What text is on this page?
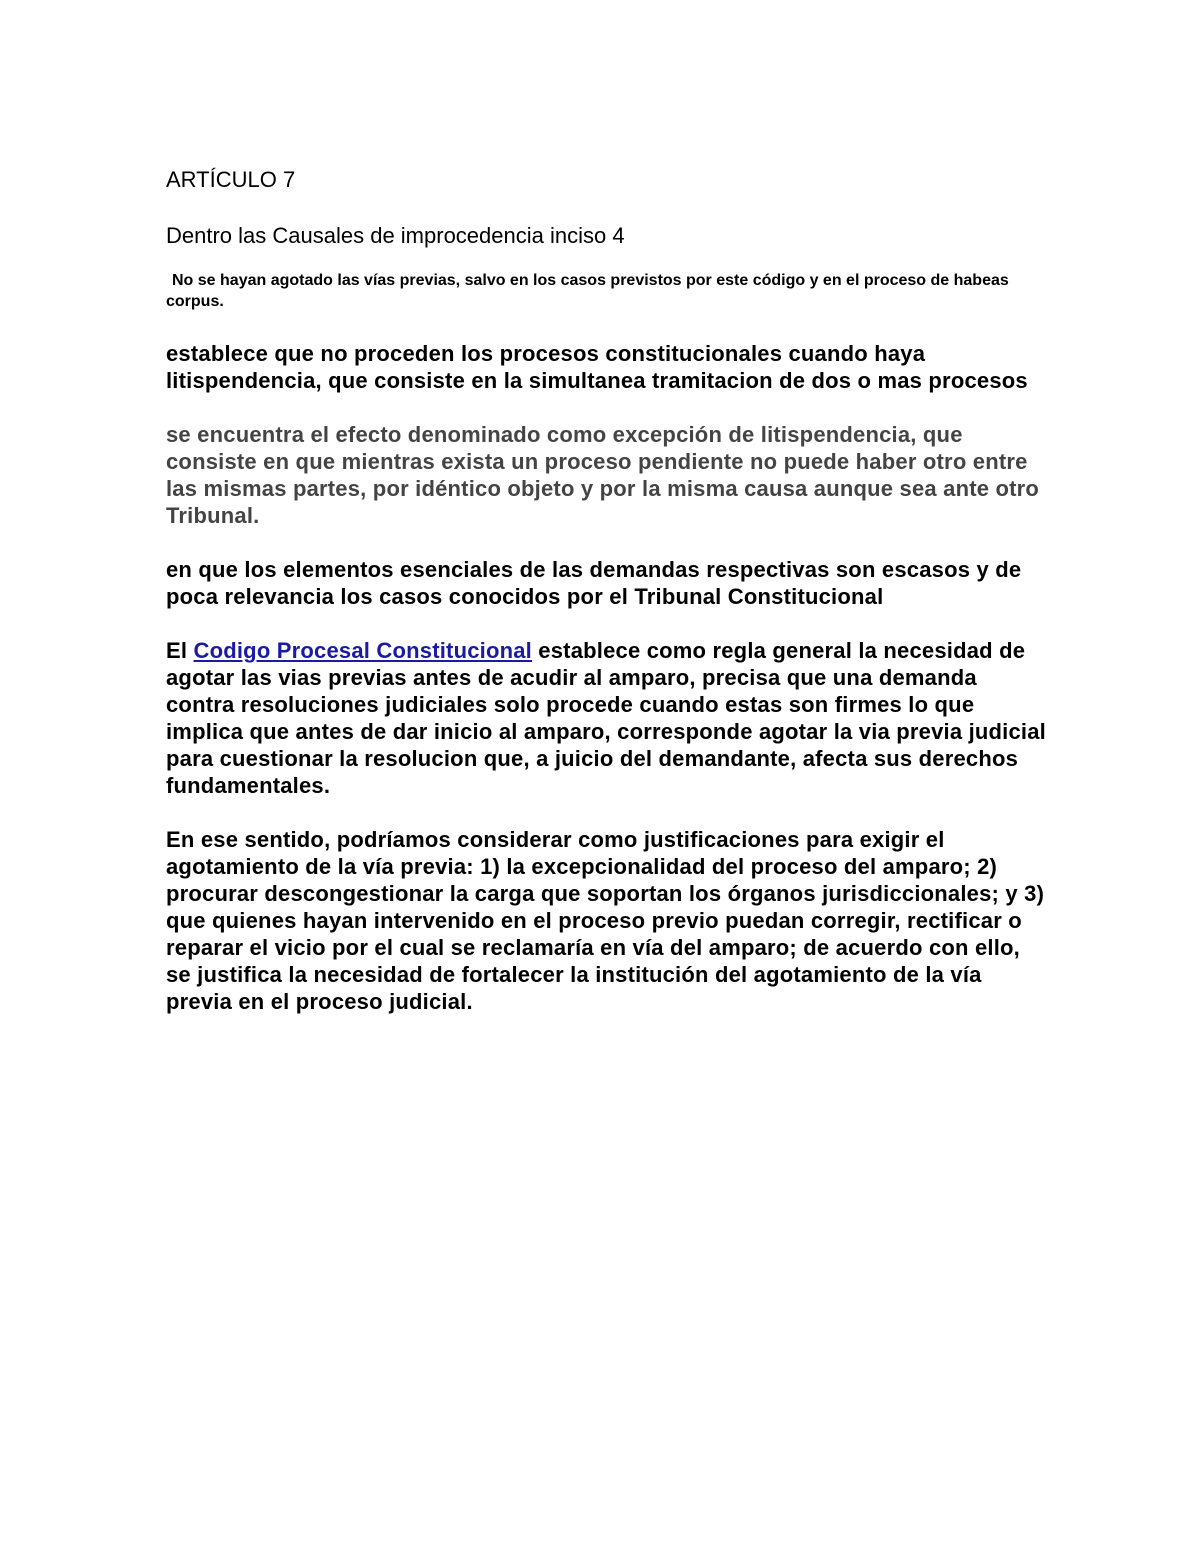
ARTÍCULO 7

Dentro las Causales de improcedencia inciso 4

No se hayan agotado las vías previas, salvo en los casos previstos por este código y en el proceso de habeas corpus.

establece que no proceden los procesos constitucionales cuando haya litispendencia, que consiste en la simultanea tramitacion de dos o mas procesos

se encuentra el efecto denominado como excepción de litispendencia, que consiste en que mientras exista un proceso pendiente no puede haber otro entre las mismas partes, por idéntico objeto y por la misma causa aunque sea ante otro Tribunal.

en que los elementos esenciales de las demandas respectivas son escasos y de poca relevancia los casos conocidos por el Tribunal Constitucional

El Codigo Procesal Constitucional establece como regla general la necesidad de agotar las vias previas antes de acudir al amparo, precisa que una demanda contra resoluciones judiciales solo procede cuando estas son firmes lo que implica que antes de dar inicio al amparo, corresponde agotar la via previa judicial para cuestionar la resolucion que, a juicio del demandante, afecta sus derechos fundamentales.

En ese sentido, podríamos considerar como justificaciones para exigir el agotamiento de la vía previa: 1) la excepcionalidad del proceso del amparo; 2) procurar descongestionar la carga que soportan los órganos jurisdiccionales; y 3) que quienes hayan intervenido en el proceso previo puedan corregir, rectificar o reparar el vicio por el cual se reclamaría en vía del amparo; de acuerdo con ello, se justifica la necesidad de fortalecer la institución del agotamiento de la vía previa en el proceso judicial.
